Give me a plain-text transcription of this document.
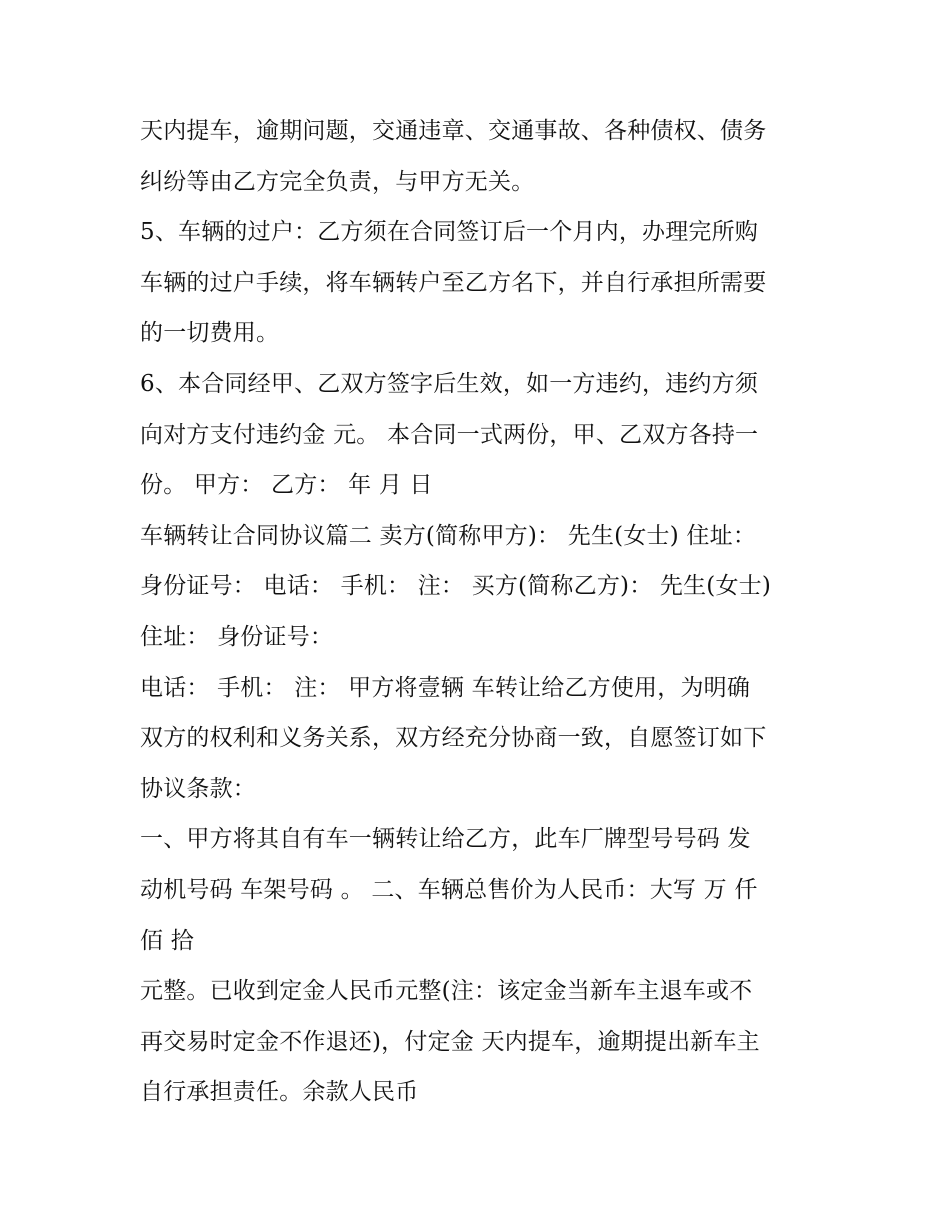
天内提车，逾期问题，交通违章、交通事故、各种债权、债务
纠纷等由乙方完全负责，与甲方无关。
5、车辆的过户：乙方须在合同签订后一个月内，办理完所购
车辆的过户手续，将车辆转户至乙方名下，并自行承担所需要
的一切费用。
6、本合同经甲、乙双方签字后生效，如一方违约，违约方须
向对方支付违约金 元。 本合同一式两份，甲、乙双方各持一
份。 甲方： 乙方： 年 月 日
车辆转让合同协议篇二 卖方(简称甲方)： 先生(女士) 住址：
身份证号： 电话： 手机： 注： 买方(简称乙方)： 先生(女士)
住址： 身份证号：
电话： 手机： 注： 甲方将壹辆 车转让给乙方使用，为明确
双方的权利和义务关系，双方经充分协商一致，自愿签订如下
协议条款：
一、甲方将其自有车一辆转让给乙方，此车厂牌型号号码 发
动机号码 车架号码 。 二、车辆总售价为人民币：大写 万 仟
佰 拾
元整。已收到定金人民币元整(注：该定金当新车主退车或不
再交易时定金不作退还)，付定金 天内提车，逾期提出新车主
自行承担责任。余款人民币
